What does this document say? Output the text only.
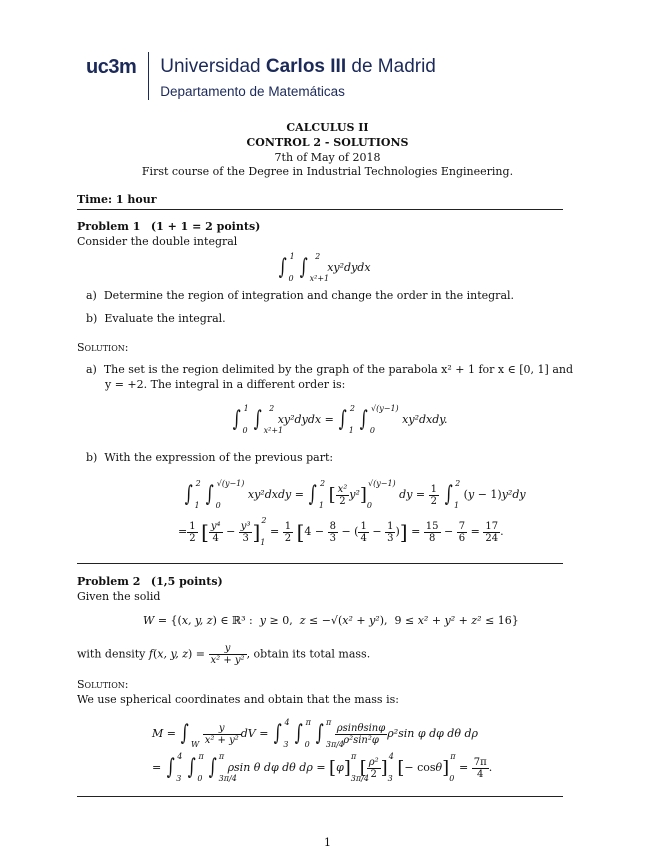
uc3m Universidad Carlos III de Madrid
Departamento de Matemáticas
CALCULUS II
CONTROL 2 - SOLUTIONS
7th of May of 2018
First course of the Degree in Industrial Technologies Engineering.
Time: 1 hour
Problem 1 (1 + 1 = 2 points)
Consider the double integral
∫ $_0^1$ ∫ $_{x^2+1}^2$  xy²dydx
a) Determine the region of integration and change the order in the integral.
b) Evaluate the integral.
Solution:
a)  The set is the region delimited by the graph of the parabola x² + 1 for x ∈ [0, 1] and
y = +2. The integral in a different order is:
∫ $_0^1$ ∫ $_{x^2+1}^2$ xy²dydx = ∫ $_1^2$ ∫ $_0^{√(y-1)}$ xy²dxdy.
b)  With the expression of the previous part:
∫ $_1^2$ ∫ $_0^{√(y-1)}$ xy²dxdy = ∫ $_1^2$ [ $\frac{\text{x²}}{2} y^2]_0^{√(y-1)}$ dy = $\frac{1}{2}$ ∫ $_1^2$ (y − 1)y²dy
= $\frac{1}{2}$ [ $\frac{\text{y⁴}}{4} - \frac{\text{y³}}{3} ]_1^2 = \frac{1}{2} [4 - \frac{8}{3}$ − ( $\frac{1}{4} - \frac{1}{3}$ )] = $\frac{15}{8} - \frac{7}{6} = \frac{17}{24}$ .
Problem 2 (1,5 points)
Given the solid
W = {(x, y, z) ∈ ℝ³ :  y ≥ 0,  z ≤ −√(x² + y²), 9 ≤ x² + y² + z² ≤ 16}
with density f(x, y, $z) = \frac{y}{\text{x² + y²}}$ , obtain its total mass.
Solution:
We use spherical coordinates and obtain that the mass is:
M = ∫ $_W \frac{y}{\text{x² + y²}}$ dV = ∫ $_3^4$ ∫ $_0^\pi$ ∫ $_{3\pi/4}^\pi \frac{\rho\sin\theta\sin\varphi}{\text{ρ²sin²φ}} \rho^2\sin$ φ dφ dθ dρ
= ∫ $_3^4$ ∫ $_0^\pi$ ∫ $_{3\pi/4}^\pi$ ρsin θ dφ dθ $d\rho = [\varphi]_{3\pi/4}^\pi$ [ $\frac{\text{ρ²}}{2} ]_3^4$ [− $\cos\theta]_0^\pi = \frac{7\pi}{4}$ .
1
